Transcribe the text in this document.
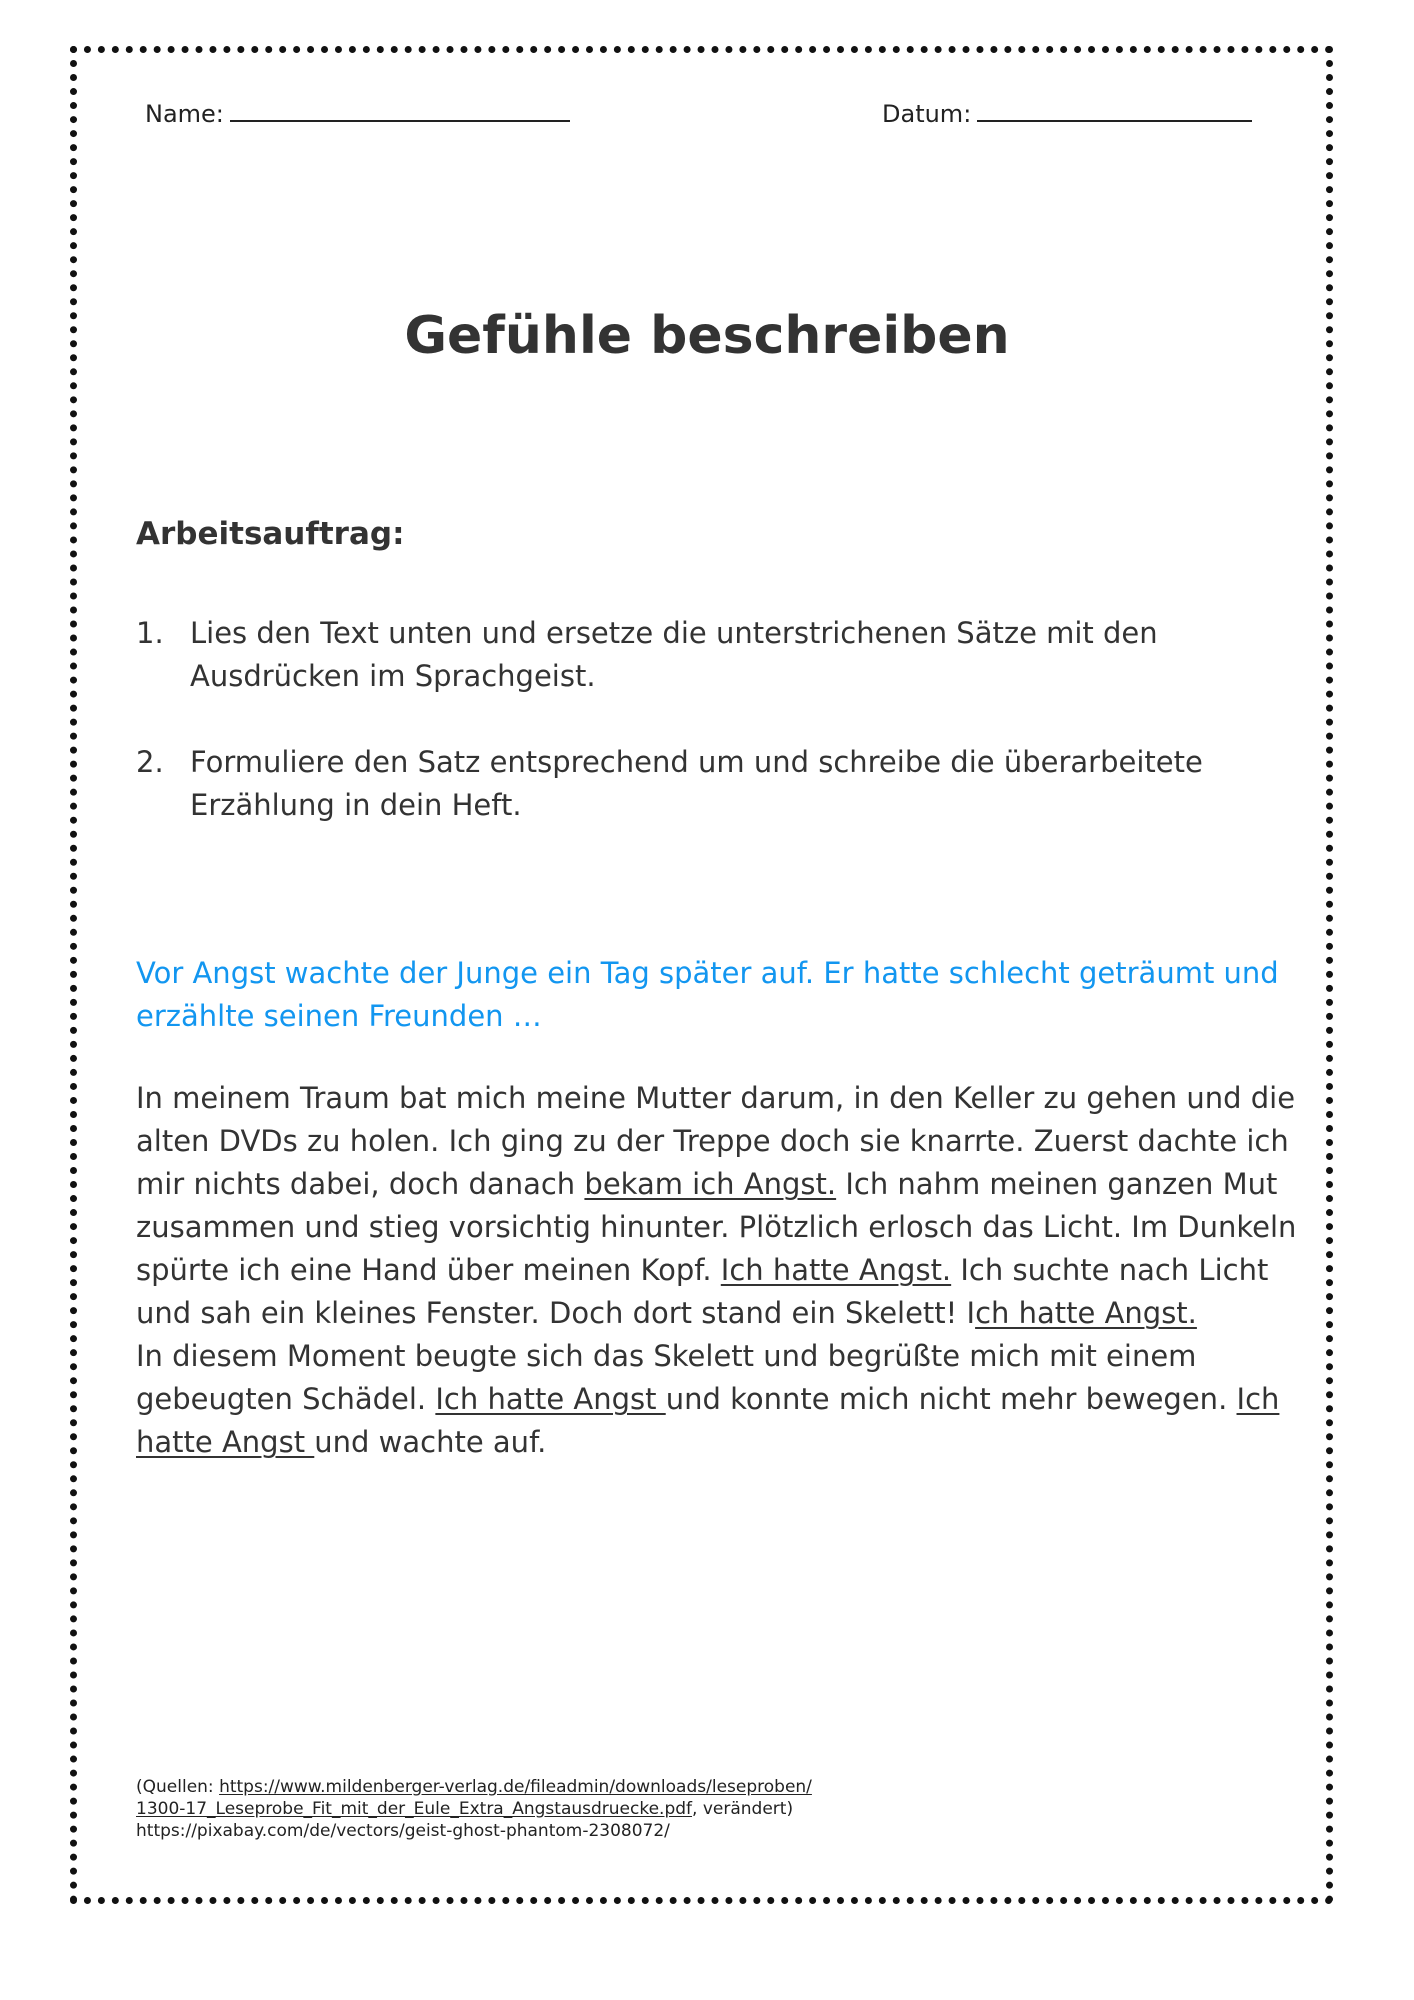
Name:	Datum:
Gefühle beschreiben
Arbeitsauftrag:
1. Lies den Text unten und ersetze die unterstrichenen Sätze mit den Ausdrücken im Sprachgeist.
2. Formuliere den Satz entsprechend um und schreibe die überarbeitete Erzählung in dein Heft.

Vor Angst wachte der Junge ein Tag später auf. Er hatte schlecht geträumt und erzählte seinen Freunden …

In meinem Traum bat mich meine Mutter darum, in den Keller zu gehen und die alten DVDs zu holen. Ich ging zu der Treppe doch sie knarrte. Zuerst dachte ich mir nichts dabei, doch danach bekam ich Angst. Ich nahm meinen ganzen Mut zusammen und stieg vorsichtig hinunter. Plötzlich erlosch das Licht. Im Dunkeln spürte ich eine Hand über meinen Kopf. Ich hatte Angst. Ich suchte nach Licht und sah ein kleines Fenster. Doch dort stand ein Skelett! Ich hatte Angst.
In diesem Moment beugte sich das Skelett und begrüßte mich mit einem gebeugten Schädel. Ich hatte Angst und konnte mich nicht mehr bewegen. Ich hatte Angst und wachte auf.

(Quellen: https://www.mildenberger-verlag.de/fileadmin/downloads/leseproben/
1300-17_Leseprobe_Fit_mit_der_Eule_Extra_Angstausdruecke.pdf, verändert)
https://pixabay.com/de/vectors/geist-ghost-phantom-2308072/
